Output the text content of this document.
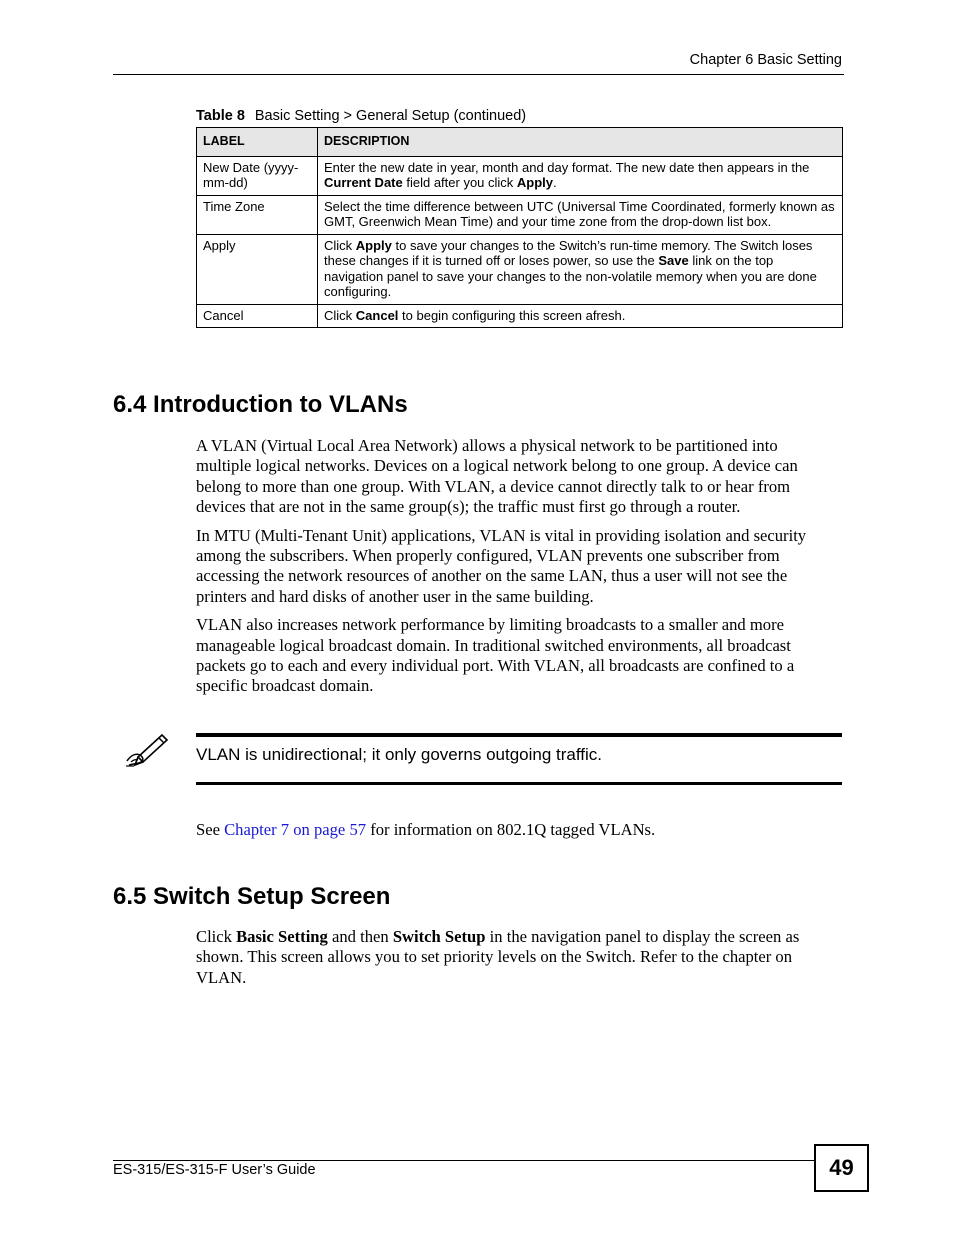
Chapter 6 Basic Setting
Table 8 Basic Setting > General Setup (continued)
LABEL	DESCRIPTION
New Date (yyyy-mm-dd)	Enter the new date in year, month and day format. The new date then appears in the Current Date field after you click Apply.
Time Zone	Select the time difference between UTC (Universal Time Coordinated, formerly known as GMT, Greenwich Mean Time) and your time zone from the drop-down list box.
Apply	Click Apply to save your changes to the Switch’s run-time memory. The Switch loses these changes if it is turned off or loses power, so use the Save link on the top navigation panel to save your changes to the non-volatile memory when you are done configuring.
Cancel	Click Cancel to begin configuring this screen afresh.
6.4 Introduction to VLANs

A VLAN (Virtual Local Area Network) allows a physical network to be partitioned into multiple logical networks. Devices on a logical network belong to one group. A device can belong to more than one group. With VLAN, a device cannot directly talk to or hear from devices that are not in the same group(s); the traffic must first go through a router.

In MTU (Multi-Tenant Unit) applications, VLAN is vital in providing isolation and security among the subscribers. When properly configured, VLAN prevents one subscriber from accessing the network resources of another on the same LAN, thus a user will not see the printers and hard disks of another user in the same building.

VLAN also increases network performance by limiting broadcasts to a smaller and more manageable logical broadcast domain. In traditional switched environments, all broadcast packets go to each and every individual port. With VLAN, all broadcasts are confined to a specific broadcast domain.

VLAN is unidirectional; it only governs outgoing traffic.
See Chapter 7 on page 57 for information on 802.1Q tagged VLANs.
6.5 Switch Setup Screen
Click Basic Setting and then Switch Setup in the navigation panel to display the screen as shown. This screen allows you to set priority levels on the Switch. Refer to the chapter on VLAN.
ES-315/ES-315-F User’s Guide	49
